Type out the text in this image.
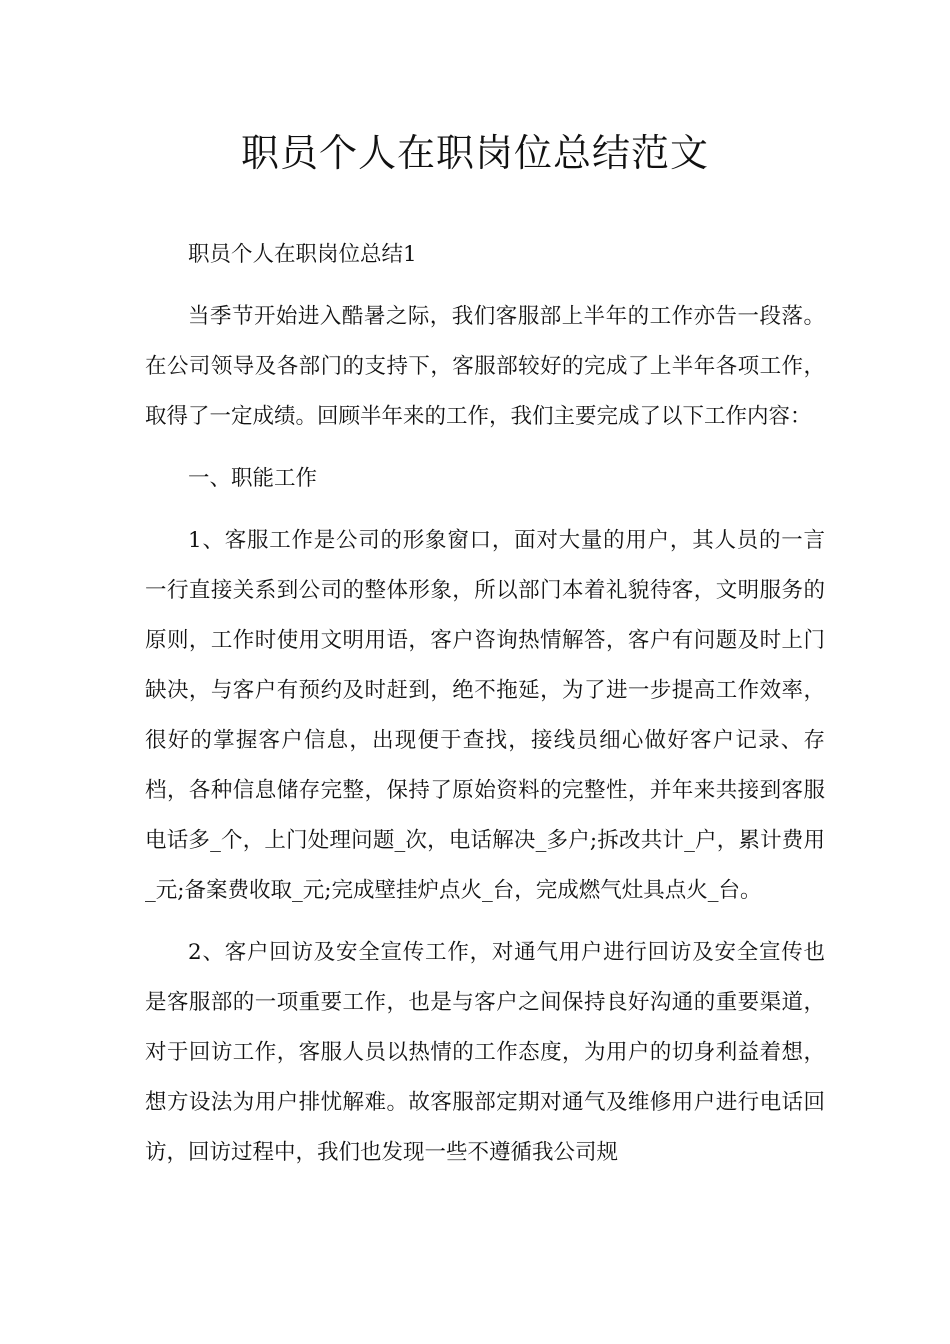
职员个人在职岗位总结范文

职员个人在职岗位总结1

当季节开始进入酷暑之际，我们客服部上半年的工作亦告一段落。在公司领导及各部门的支持下，客服部较好的完成了上半年各项工作，取得了一定成绩。回顾半年来的工作，我们主要完成了以下工作内容：

一、职能工作

1、客服工作是公司的形象窗口，面对大量的用户，其人员的一言一行直接关系到公司的整体形象，所以部门本着礼貌待客，文明服务的原则，工作时使用文明用语，客户咨询热情解答，客户有问题及时上门缺决，与客户有预约及时赶到，绝不拖延，为了进一步提高工作效率，很好的掌握客户信息，出现便于查找，接线员细心做好客户记录、存档，各种信息储存完整，保持了原始资料的完整性，并年来共接到客服电话多_个，上门处理问题_次，电话解决_多户;拆改共计_户，累计费用_元;备案费收取_元;完成壁挂炉点火_台，完成燃气灶具点火_台。

2、客户回访及安全宣传工作，对通气用户进行回访及安全宣传也是客服部的一项重要工作，也是与客户之间保持良好沟通的重要渠道，对于回访工作，客服人员以热情的工作态度，为用户的切身利益着想，想方设法为用户排忧解难。故客服部定期对通气及维修用户进行电话回访，回访过程中，我们也发现一些不遵循我公司规
